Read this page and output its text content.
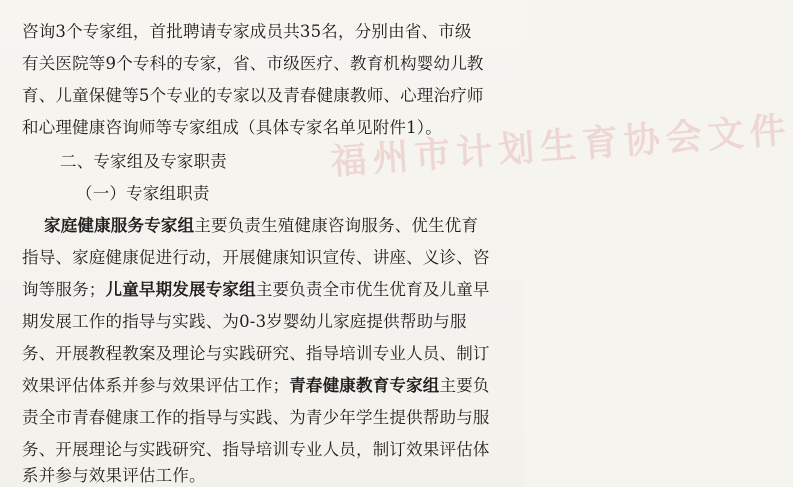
福州市计划生育协会文件
咨询3个专家组，首批聘请专家成员共35名，分别由省、市级
有关医院等9个专科的专家，省、市级医疗、教育机构婴幼儿教
育、儿童保健等5个专业的专家以及青春健康教师、心理治疗师
和心理健康咨询师等专家组成（具体专家名单见附件1）。
二、专家组及专家职责
（一）专家组职责
家庭健康服务专家组主要负责生殖健康咨询服务、优生优育
指导、家庭健康促进行动，开展健康知识宣传、讲座、义诊、咨
询等服务；儿童早期发展专家组主要负责全市优生优育及儿童早
期发展工作的指导与实践、为0-3岁婴幼儿家庭提供帮助与服
务、开展教程教案及理论与实践研究、指导培训专业人员、制订
效果评估体系并参与效果评估工作；青春健康教育专家组主要负
责全市青春健康工作的指导与实践、为青少年学生提供帮助与服
务、开展理论与实践研究、指导培训专业人员，制订效果评估体
系并参与效果评估工作。
